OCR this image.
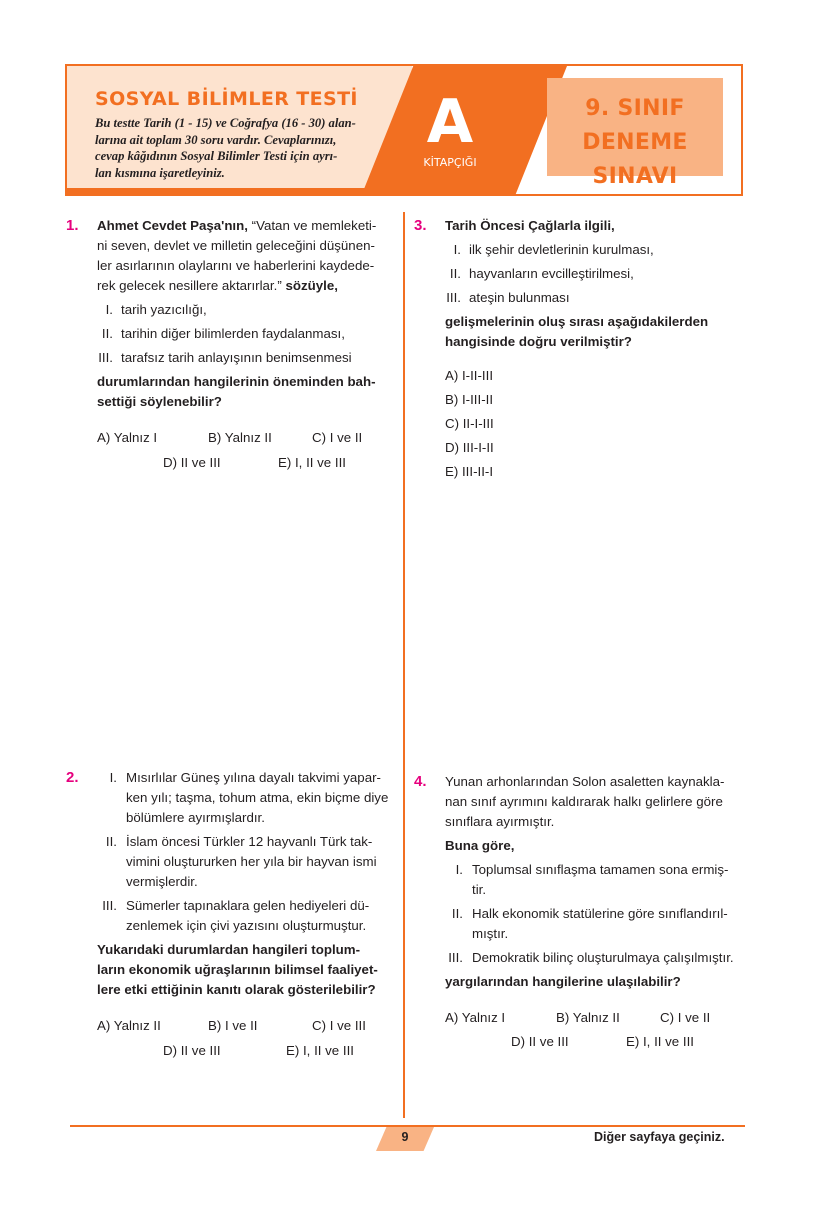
SOSYAL BİLİMLER TESTİ
Bu testte Tarih (1 - 15) ve Coğrafya (16 - 30) alan-
larına ait toplam 30 soru vardır. Cevaplarınızı,
cevap kâğıdının Sosyal Bilimler Testi için ayrı-
lan kısmına işaretleyiniz.
A
KİTAPÇIĞI
9. SINIF
DENEME SINAVI
1. Ahmet Cevdet Paşa'nın, “Vatan ve memleketi-
ni seven, devlet ve milletin geleceğini düşünen-
ler asırlarının olaylarını ve haberlerini kaydede-
rek gelecek nesillere aktarırlar.” sözüyle,
I. tarih yazıcılığı,
II. tarihin diğer bilimlerden faydalanması,
III. tarafsız tarih anlayışının benimsenmesi
durumlarından hangilerinin öneminden bah-
settiği söylenebilir?
A) Yalnız I	B) Yalnız II	C) I ve II
D) II ve III	E) I, II ve III
3. Tarih Öncesi Çağlarla ilgili,
I. ilk şehir devletlerinin kurulması,
II. hayvanların evcilleştirilmesi,
III. ateşin bulunması
gelişmelerinin oluş sırası aşağıdakilerden
hangisinde doğru verilmiştir?
A) I-II-III
B) I-III-II
C) II-I-III
D) III-I-II
E) III-II-I
2.	I. Mısırlılar Güneş yılına dayalı takvimi yapar-
ken yılı; taşma, tohum atma, ekin biçme diye
bölümlere ayırmışlardır.
II. İslam öncesi Türkler 12 hayvanlı Türk tak-
vimini oluştururken her yıla bir hayvan ismi
vermişlerdir.
III. Sümerler tapınaklara gelen hediyeleri dü-
zenlemek için çivi yazısını oluşturmuştur.
Yukarıdaki durumlardan hangileri toplum-
ların ekonomik uğraşlarının bilimsel faaliyet-
lere etki ettiğinin kanıtı olarak gösterilebilir?
A) Yalnız II	B) I ve II	C) I ve III
D) II ve III	E) I, II ve III
4. Yunan arhonlarından Solon asaletten kaynakla-
nan sınıf ayrımını kaldırarak halkı gelirlere göre
sınıflara ayırmıştır.
Buna göre,
I. Toplumsal sınıflaşma tamamen sona ermiş-
tir.
II. Halk ekonomik statülerine göre sınıflandırıl-
mıştır.
III. Demokratik bilinç oluşturulmaya çalışılmıştır.
yargılarından hangilerine ulaşılabilir?
A) Yalnız I	B) Yalnız II	C) I ve II
D) II ve III	E) I, II ve III
9	Diğer sayfaya geçiniz.
